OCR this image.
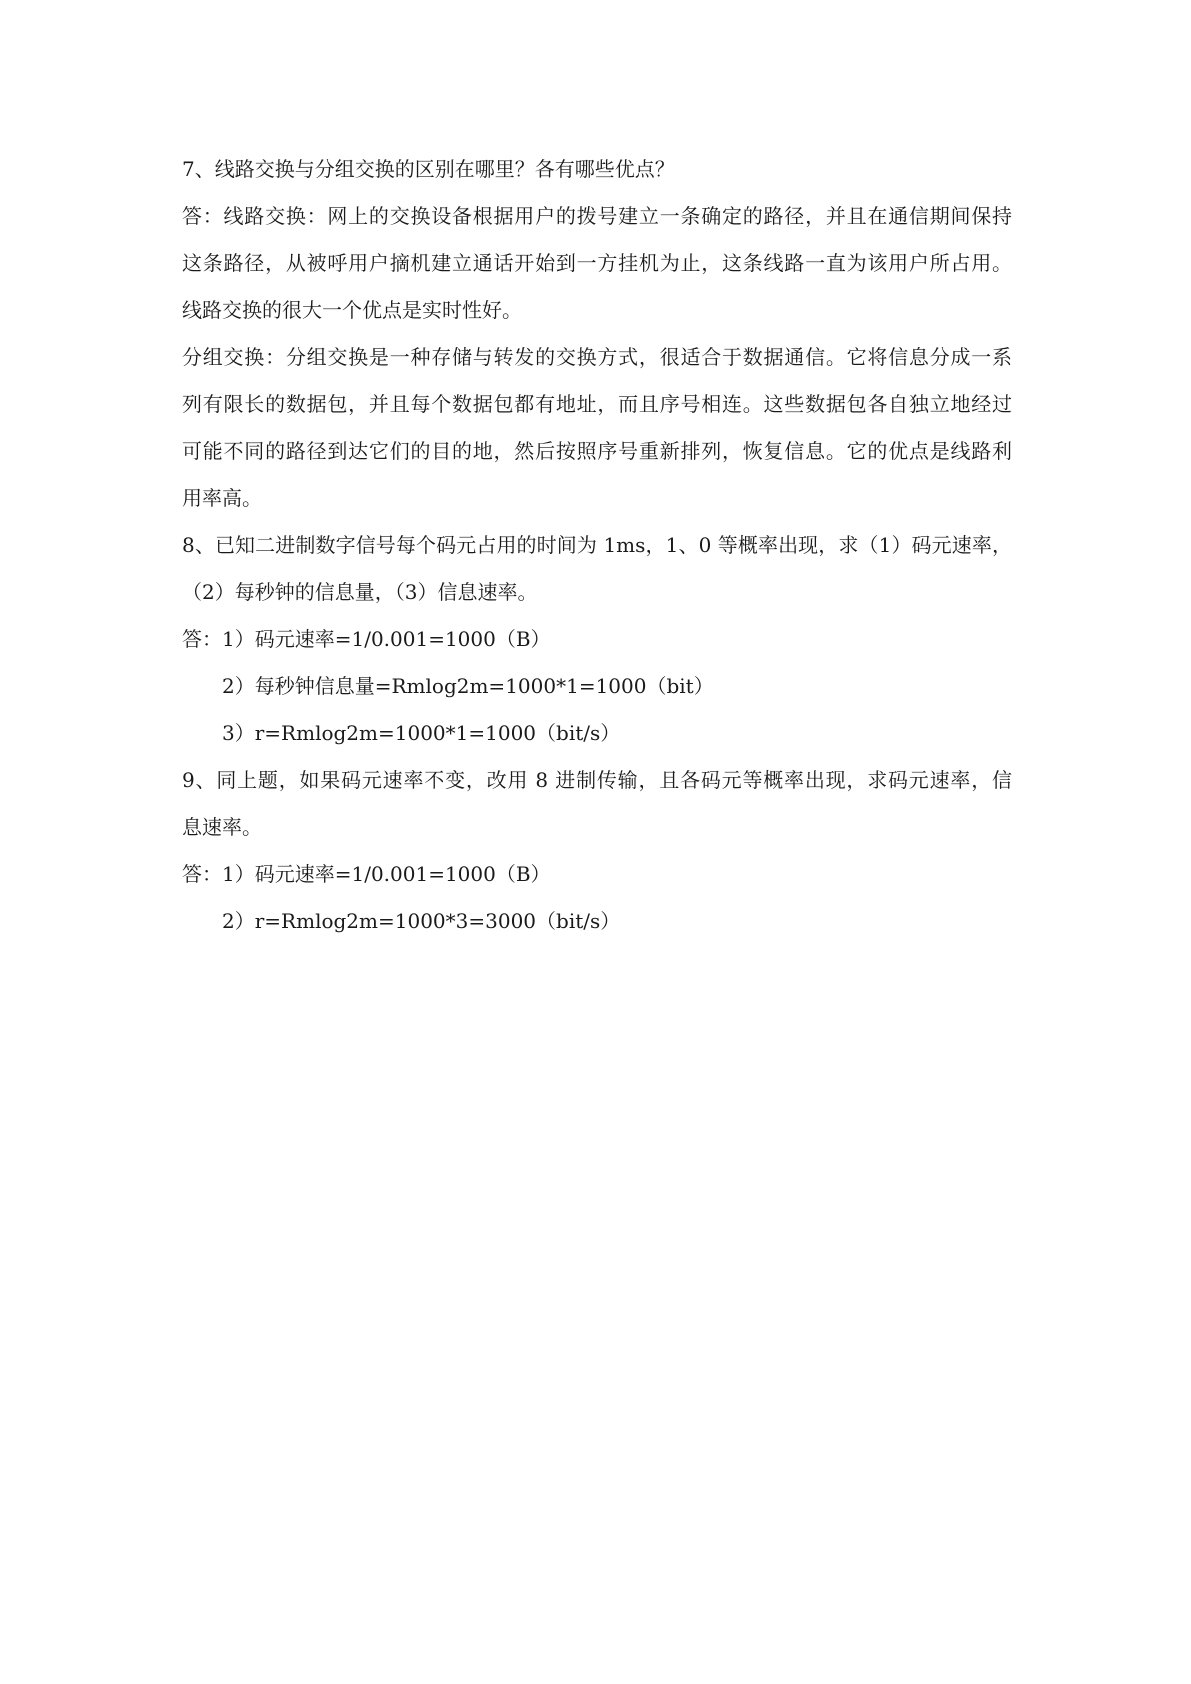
7、线路交换与分组交换的区别在哪里？各有哪些优点？
答：线路交换：网上的交换设备根据用户的拨号建立一条确定的路径，并且在通信期间保持
这条路径，从被呼用户摘机建立通话开始到一方挂机为止，这条线路一直为该用户所占用。
线路交换的很大一个优点是实时性好。
分组交换：分组交换是一种存储与转发的交换方式，很适合于数据通信。它将信息分成一系
列有限长的数据包，并且每个数据包都有地址，而且序号相连。这些数据包各自独立地经过
可能不同的路径到达它们的目的地，然后按照序号重新排列，恢复信息。它的优点是线路利
用率高。
8、已知二进制数字信号每个码元占用的时间为 1ms，1、0 等概率出现，求（1）码元速率，
（2）每秒钟的信息量，（3）信息速率。
答：1）码元速率=1/0.001=1000（B）
2）每秒钟信息量=Rmlog2m=1000*1=1000（bit）
3）r=Rmlog2m=1000*1=1000（bit/s）
9、同上题，如果码元速率不变，改用 8 进制传输，且各码元等概率出现，求码元速率，信
息速率。
答：1）码元速率=1/0.001=1000（B）
2）r=Rmlog2m=1000*3=3000（bit/s）
